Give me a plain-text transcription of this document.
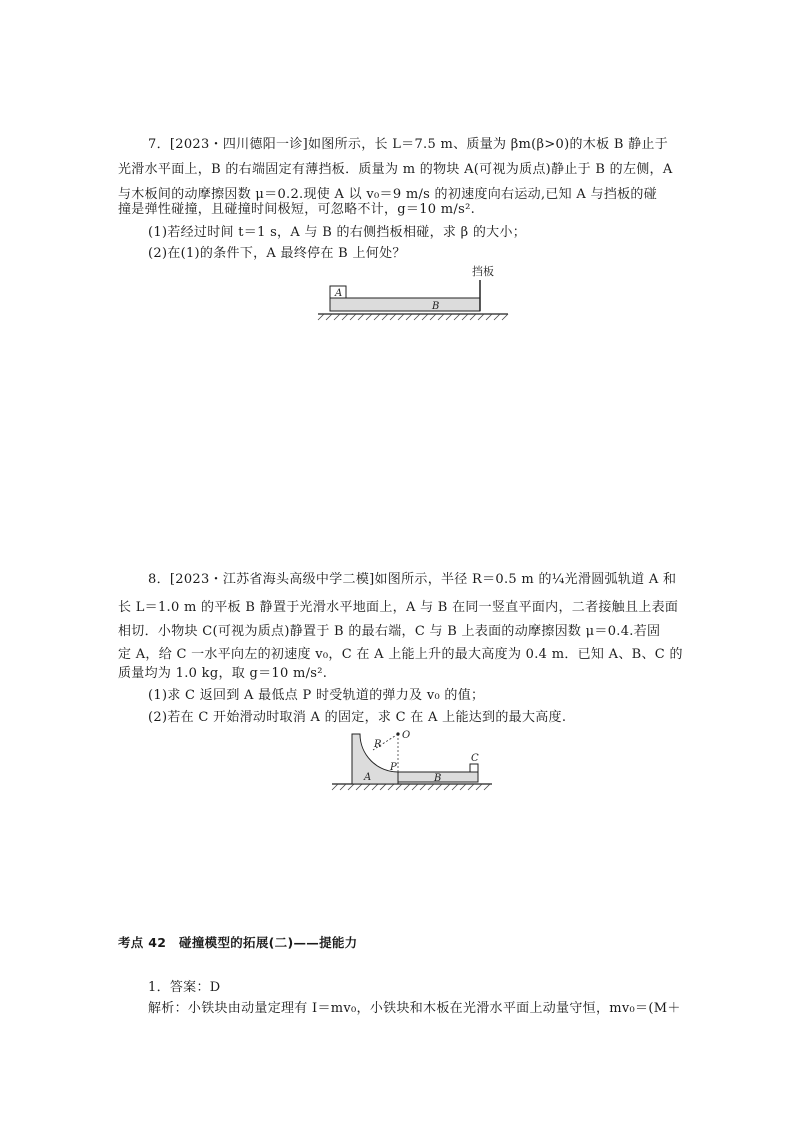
7．[2023・四川德阳一诊]如图所示，长 L＝7.5 m、质量为 βm(β>0)的木板 B 静止于
光滑水平面上，B 的右端固定有薄挡板．质量为 m 的物块 A(可视为质点)静止于 B 的左侧，A
与木板间的动摩擦因数 μ＝0.2.现使 A 以 v₀＝9 m/s 的初速度向右运动,已知 A 与挡板的碰
撞是弹性碰撞，且碰撞时间极短，可忽略不计，g＝10 m/s².
(1)若经过时间 t＝1 s，A 与 B 的右侧挡板相碰，求 β 的大小；
(2)在(1)的条件下，A 最终停在 B 上何处？
挡板
A
B
8．[2023・江苏省海头高级中学二模]如图所示，半径 R＝0.5 m 的¼光滑圆弧轨道 A 和
长 L＝1.0 m 的平板 B 静置于光滑水平地面上，A 与 B 在同一竖直平面内，二者接触且上表面
相切．小物块 C(可视为质点)静置于 B 的最右端，C 与 B 上表面的动摩擦因数 μ＝0.4.若固
定 A，给 C 一水平向左的初速度 v₀，C 在 A 上能上升的最大高度为 0.4 m．已知 A、B、C 的
质量均为 1.0 kg，取 g＝10 m/s².
(1)求 C 返回到 A 最低点 P 时受轨道的弹力及 v₀ 的值；
(2)若在 C 开始滑动时取消 A 的固定，求 C 在 A 上能达到的最大高度.
R
O
A
P
B
C
考点 42　碰撞模型的拓展(二)——提能力
1．答案：D
解析：小铁块由动量定理有 I＝mv₀，小铁块和木板在光滑水平面上动量守恒，mv₀＝(M＋
